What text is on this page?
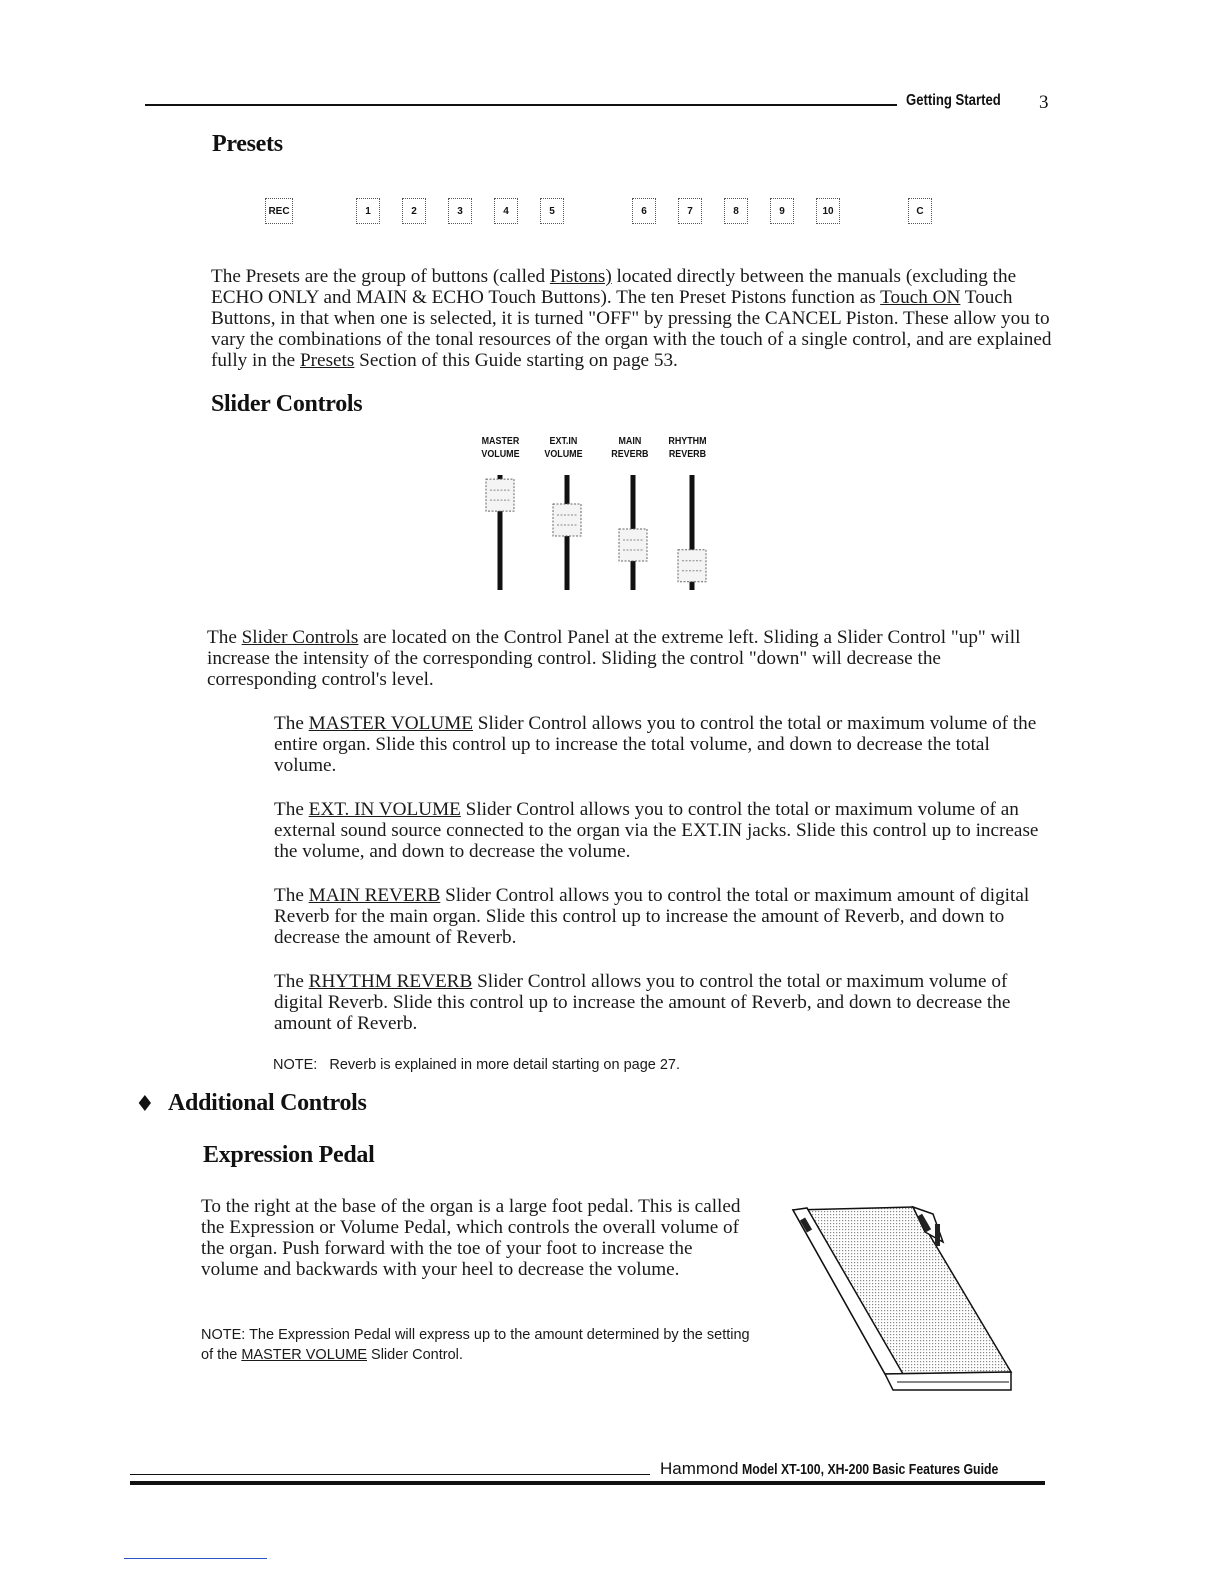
Getting Started 3
Presets
REC	1	2	3	4	5	6	7	8	9	10	C

The Presets are the group of buttons (called Pistons) located directly between the manuals (excluding the ECHO ONLY and MAIN & ECHO Touch Buttons). The ten Preset Pistons function as Touch ON Touch Buttons, in that when one is selected, it is turned "OFF" by pressing the CANCEL Piston. These allow you to vary the combinations of the tonal resources of the organ with the touch of a single control, and are explained fully in the Presets Section of this Guide starting on page 53.

Slider Controls
MASTER
VOLUME
EXT.IN
VOLUME
MAIN
REVERB
RHYTHM
REVERB

The Slider Controls are located on the Control Panel at the extreme left. Sliding a Slider Control "up" will increase the intensity of the corresponding control. Sliding the control "down" will decrease the corresponding control's level.

The MASTER VOLUME Slider Control allows you to control the total or maximum volume of the entire organ. Slide this control up to increase the total volume, and down to decrease the total volume.

The EXT. IN VOLUME Slider Control allows you to control the total or maximum volume of an external sound source connected to the organ via the EXT.IN jacks. Slide this control up to increase the volume, and down to decrease the volume.

The MAIN REVERB Slider Control allows you to control the total or maximum amount of digital Reverb for the main organ. Slide this control up to increase the amount of Reverb, and down to decrease the amount of Reverb.

The RHYTHM REVERB Slider Control allows you to control the total or maximum volume of digital Reverb. Slide this control up to increase the amount of Reverb, and down to decrease the amount of Reverb.

NOTE:   Reverb is explained in more detail starting on page 27.

♦ Additional Controls
Expression Pedal

To the right at the base of the organ is a large foot pedal. This is called the Expression or Volume Pedal, which controls the overall volume of the organ. Push forward with the toe of your foot to increase the volume and backwards with your heel to decrease the volume.

NOTE: The Expression Pedal will express up to the amount determined by the setting of the MASTER VOLUME Slider Control.

Hammond Model XT-100, XH-200 Basic Features Guide
